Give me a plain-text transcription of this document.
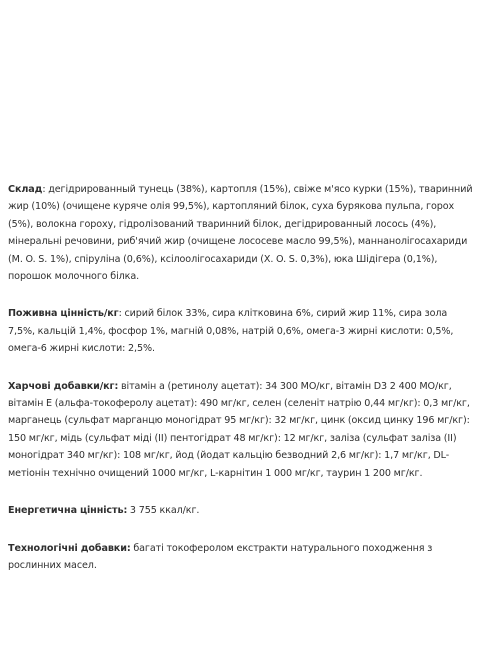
Склад: дегідрированный тунець (38%), картопля (15%), свіже м'ясо курки (15%), тваринний жир (10%) (очищене куряче олія 99,5%), картопляний білок, суха бурякова пульпа, горох (5%), волокна гороху, гідролізований тваринний білок, дегідрированный лосось (4%), мінеральні речовини, риб'ячий жир (очищене лососеве масло 99,5%), маннанолігосахариди (M. O. S. 1%), спіруліна (0,6%), ксілоолігосахариди (X. O. S. 0,3%), юка Шідігера (0,1%), порошок молочного білка.

Поживна цінність/кг: сирий білок 33%, сира клітковина 6%, сирий жир 11%, сира зола 7,5%, кальцій 1,4%, фосфор 1%, магній 0,08%, натрій 0,6%, омега-3 жирні кислоти: 0,5%, омега-6 жирні кислоти: 2,5%.

Харчові добавки/кг: вітамін a (ретинолу ацетат): 34 300 МО/кг, вітамін D3 2 400 МО/кг, вітамін E (альфа-токоферолу ацетат): 490 мг/кг, селен (селеніт натрію 0,44 мг/кг): 0,3 мг/кг, марганець (сульфат марганцю моногідрат 95 мг/кг): 32 мг/кг, цинк (оксид цинку 196 мг/кг): 150 мг/кг, мідь (сульфат міді (II) пентогідрат 48 мг/кг): 12 мг/кг, заліза (сульфат заліза (II) моногідрат 340 мг/кг): 108 мг/кг, йод (йодат кальцію безводний 2,6 мг/кг): 1,7 мг/кг, DL-метіонін технічно очищений 1000 мг/кг, L-карнітин 1 000 мг/кг, таурин 1 200 мг/кг.

Енергетична цінність: 3 755 ккал/кг.

Технологічні добавки: багаті токоферолом екстракти натурального походження з рослинних масел.
